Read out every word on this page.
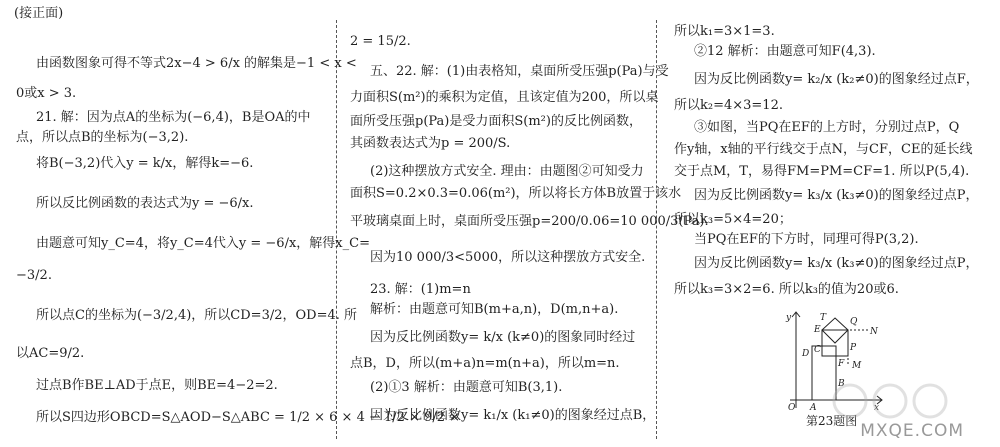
(接正面)
由函数图象可得不等式2x−4 > 6/x 的解集是−1 < x <
0或x > 3.
21. 解：因为点A的坐标为(−6,4)，B是OA的中
点，所以点B的坐标为(−3,2).
将B(−3,2)代入y = k/x，解得k=−6.
所以反比例函数的表达式为y = −6/x.
由题意可知y_C=4，将y_C=4代入y = −6/x，解得x_C=
−3/2.
所以点C的坐标为(−3/2,4)，所以CD=3/2，OD=4. 所
以AC=9/2.
过点B作BE⊥AD于点E，则BE=4−2=2.
所以S四边形OBCD=S△AOD−S△ABC = 1/2 × 6 × 4 − 1/2 × 9/2 ×
2 = 15/2.
五、22. 解：(1)由表格知，桌面所受压强p(Pa)与受
力面积S(m²)的乘积为定值，且该定值为200，所以桌
面所受压强p(Pa)是受力面积S(m²)的反比例函数，
其函数表达式为p = 200/S.
(2)这种摆放方式安全. 理由：由题图②可知受力
面积S=0.2×0.3=0.06(m²)，所以将长方体B放置于该水
平玻璃桌面上时，桌面所受压强p=200/0.06=10 000/3(Pa).
因为10 000/3<5000，所以这种摆放方式安全.
23. 解：(1)m=n
解析：由题意可知B(m+a,n)，D(m,n+a).
因为反比例函数y= k/x (k≠0)的图象同时经过
点B，D，所以(m+a)n=m(n+a)，所以m=n.
(2)①3 解析：由题意可知B(3,1).
因为反比例函数y= k₁/x (k₁≠0)的图象经过点B，
所以k₁=3×1=3.
②12 解析：由题意可知F(4,3).
因为反比例函数y= k₂/x (k₂≠0)的图象经过点F，
所以k₂=4×3=12.
③如图，当PQ在EF的上方时，分别过点P，Q
作y轴，x轴的平行线交于点N，与CF，CE的延长线
交于点M，T，易得FM=PM=CF=1. 所以P(5,4).
因为反比例函数y= k₃/x (k₃≠0)的图象经过点P，
所以k₃=5×4=20；
当PQ在EF的下方时，同理可得P(3,2).
因为反比例函数y= k₃/x (k₃≠0)的图象经过点P，
所以k₃=3×2=6. 所以k₃的值为20或6.
y	T
E
Q
N
C	P
D
F M
B
O A	x
第23题图 MXQE.COM
